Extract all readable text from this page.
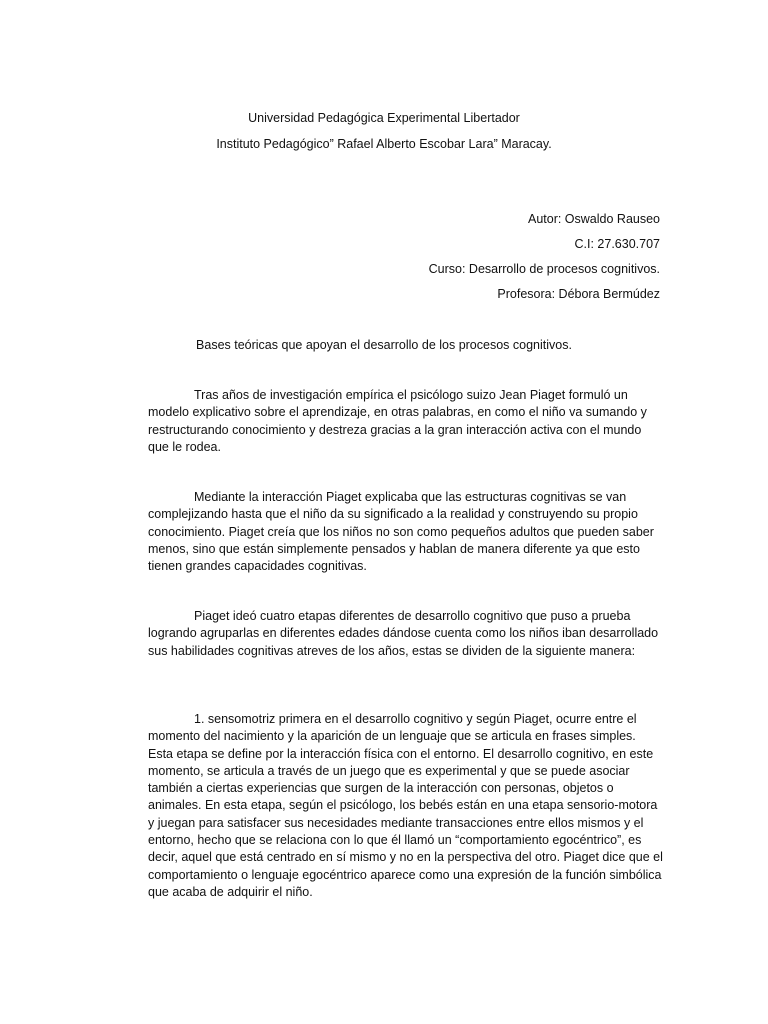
Universidad Pedagógica Experimental Libertador
Instituto Pedagógico” Rafael Alberto Escobar Lara” Maracay.
Autor: Oswaldo Rauseo
C.I: 27.630.707
Curso: Desarrollo de procesos cognitivos.
Profesora: Débora Bermúdez
Bases teóricas que apoyan el desarrollo de los procesos cognitivos.

Tras años de investigación empírica el psicólogo suizo Jean Piaget formuló un modelo explicativo sobre el aprendizaje, en otras palabras, en como el niño va sumando y restructurando conocimiento y destreza gracias a la gran interacción activa con el mundo que le rodea.

Mediante la interacción Piaget explicaba que las estructuras cognitivas se van complejizando hasta que el niño da su significado a la realidad y construyendo su propio conocimiento. Piaget creía que los niños no son como pequeños adultos que pueden saber menos, sino que están simplemente pensados y hablan de manera diferente ya que esto tienen grandes capacidades cognitivas.

Piaget ideó cuatro etapas diferentes de desarrollo cognitivo que puso a prueba logrando agruparlas en diferentes edades dándose cuenta como los niños iban desarrollado sus habilidades cognitivas atreves de los años, estas se dividen de la siguiente manera:

1. sensomotriz primera en el desarrollo cognitivo y según Piaget, ocurre entre el momento del nacimiento y la aparición de un lenguaje que se articula en frases simples. Esta etapa se define por la interacción física con el entorno. El desarrollo cognitivo, en este momento, se articula a través de un juego que es experimental y que se puede asociar también a ciertas experiencias que surgen de la interacción con personas, objetos o animales. En esta etapa, según el psicólogo, los bebés están en una etapa sensorio-motora y juegan para satisfacer sus necesidades mediante transacciones entre ellos mismos y el entorno, hecho que se relaciona con lo que él llamó un “comportamiento egocéntrico”, es decir, aquel que está centrado en sí mismo y no en la perspectiva del otro. Piaget dice que el comportamiento o lenguaje egocéntrico aparece como una expresión de la función simbólica que acaba de adquirir el niño.
